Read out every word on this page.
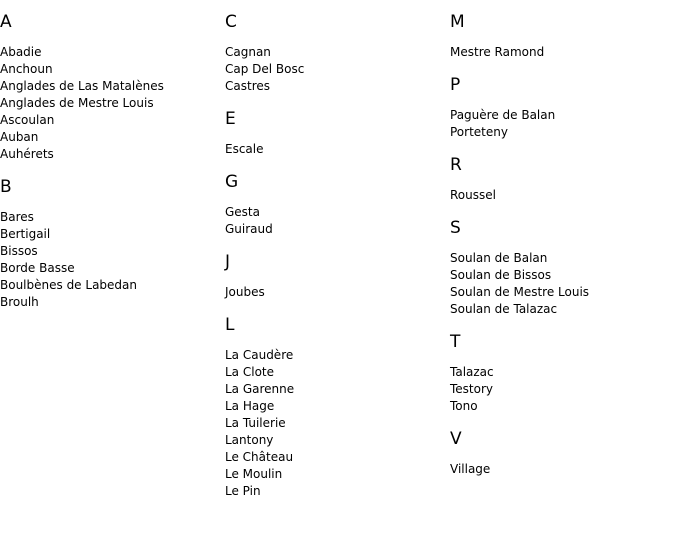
A
Abadie
Anchoun
Anglades de Las Matalènes
Anglades de Mestre Louis
Ascoulan
Auban
Auhérets
B
Bares
Bertigail
Bissos
Borde Basse
Boulbènes de Labedan
Broulh
C
Cagnan
Cap Del Bosc
Castres
E
Escale
G
Gesta
Guiraud
J
Joubes
L
La Caudère
La Clote
La Garenne
La Hage
La Tuilerie
Lantony
Le Château
Le Moulin
Le Pin
M
Mestre Ramond
P
Paguère de Balan
Porteteny
R
Roussel
S
Soulan de Balan
Soulan de Bissos
Soulan de Mestre Louis
Soulan de Talazac
T
Talazac
Testory
Tono
V
Village
